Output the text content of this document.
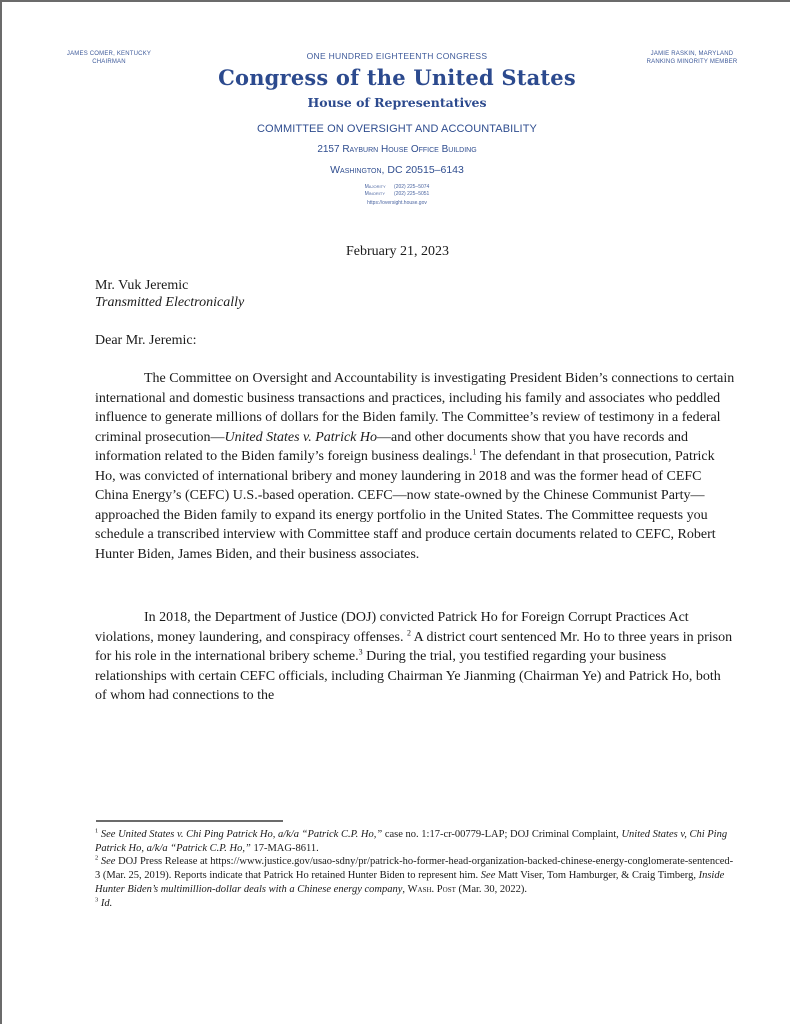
JAMES COMER, KENTUCKY
CHAIRMAN
JAMIE RASKIN, MARYLAND
RANKING MINORITY MEMBER
ONE HUNDRED EIGHTEENTH CONGRESS
Congress of the United States
House of Representatives
COMMITTEE ON OVERSIGHT AND ACCOUNTABILITY
2157 Rayburn House Office Building
Washington, DC 20515–6143
Majority (202) 225–5074
Minority (202) 225–5051
https://oversight.house.gov
February 21, 2023
Mr. Vuk Jeremic
Transmitted Electronically
Dear Mr. Jeremic:
The Committee on Oversight and Accountability is investigating President Biden’s connections to certain international and domestic business transactions and practices, including his family and associates who peddled influence to generate millions of dollars for the Biden family. The Committee’s review of testimony in a federal criminal prosecution—United States v. Patrick Ho—and other documents show that you have records and information related to the Biden family’s foreign business dealings.$^1$ The defendant in that prosecution, Patrick Ho, was convicted of international bribery and money laundering in 2018 and was the former head of CEFC China Energy’s (CEFC) U.S.-based operation. CEFC—now state-owned by the Chinese Communist Party—approached the Biden family to expand its energy portfolio in the United States. The Committee requests you schedule a transcribed interview with Committee staff and produce certain documents related to CEFC, Robert Hunter Biden, James Biden, and their business associates.
In 2018, the Department of Justice (DOJ) convicted Patrick Ho for Foreign Corrupt Practices Act violations, money laundering, and conspiracy offenses. $^2$ A district court sentenced Mr. Ho to three years in prison for his role in the international bribery scheme.$^3$ During the trial, you testified regarding your business relationships with certain CEFC officials, including Chairman Ye Jianming (Chairman Ye) and Patrick Ho, both of whom had connections to the
$^1$ See United States v. Chi Ping Patrick Ho, a/k/a “Patrick C.P. Ho,” case no. 1:17-cr-00779-LAP; DOJ Criminal Complaint, United States v, Chi Ping Patrick Ho, a/k/a “Patrick C.P. Ho,” 17-MAG-8611.
$^2$ See DOJ Press Release at https://www.justice.gov/usao-sdny/pr/patrick-ho-former-head-organization-backed-chinese-energy-conglomerate-sentenced-3 (Mar. 25, 2019). Reports indicate that Patrick Ho retained Hunter Biden to represent him. See Matt Viser, Tom Hamburger, & Craig Timberg, Inside Hunter Biden’s multimillion-dollar deals with a Chinese energy company, Wash. Post (Mar. 30, 2022).
$^3$ Id.
